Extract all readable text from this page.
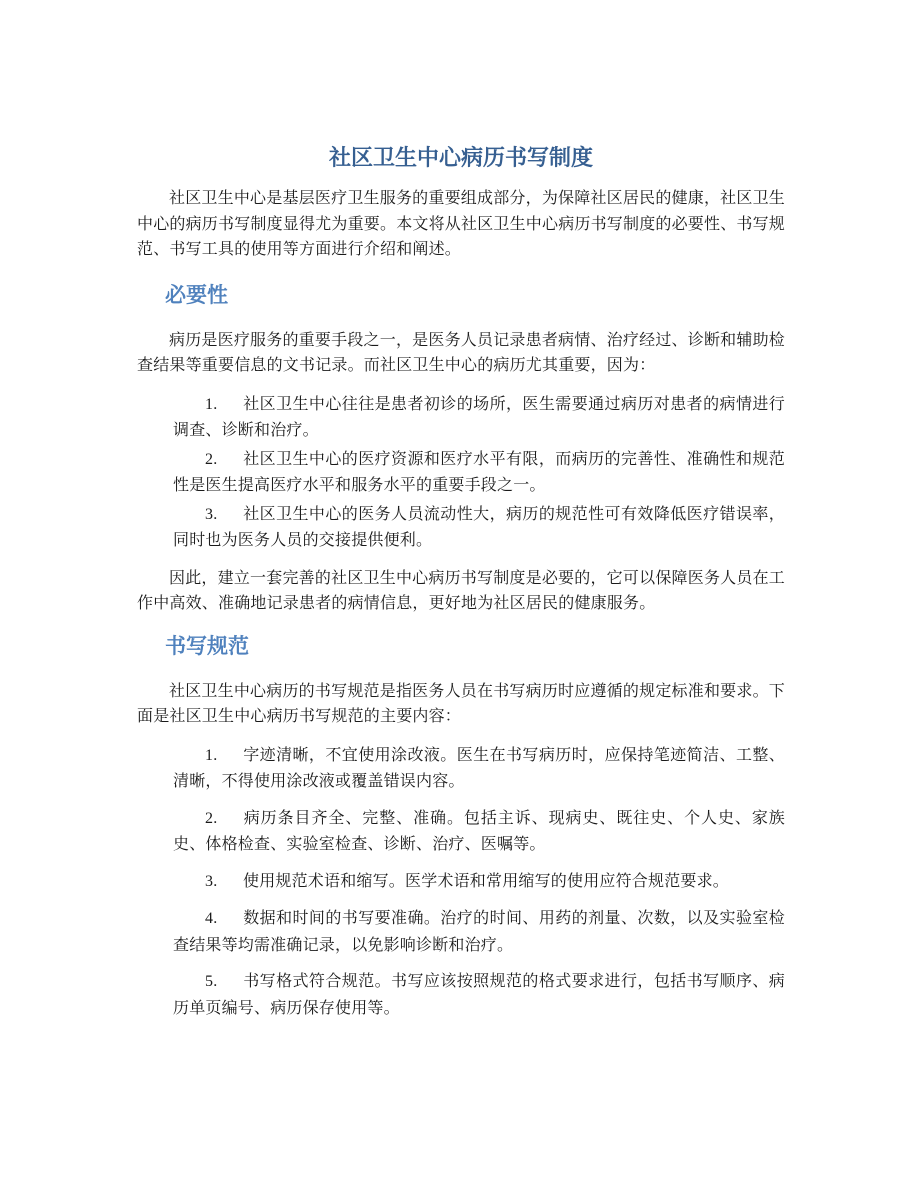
社区卫生中心病历书写制度

社区卫生中心是基层医疗卫生服务的重要组成部分，为保障社区居民的健康，社区卫生中心的病历书写制度显得尤为重要。本文将从社区卫生中心病历书写制度的必要性、书写规范、书写工具的使用等方面进行介绍和阐述。

必要性

病历是医疗服务的重要手段之一，是医务人员记录患者病情、治疗经过、诊断和辅助检查结果等重要信息的文书记录。而社区卫生中心的病历尤其重要，因为：

1. 社区卫生中心往往是患者初诊的场所，医生需要通过病历对患者的病情进行调查、诊断和治疗。
2. 社区卫生中心的医疗资源和医疗水平有限，而病历的完善性、准确性和规范性是医生提高医疗水平和服务水平的重要手段之一。
3. 社区卫生中心的医务人员流动性大，病历的规范性可有效降低医疗错误率，同时也为医务人员的交接提供便利。

因此，建立一套完善的社区卫生中心病历书写制度是必要的，它可以保障医务人员在工作中高效、准确地记录患者的病情信息，更好地为社区居民的健康服务。

书写规范

社区卫生中心病历的书写规范是指医务人员在书写病历时应遵循的规定标准和要求。下面是社区卫生中心病历书写规范的主要内容：

1. 字迹清晰，不宜使用涂改液。医生在书写病历时，应保持笔迹简洁、工整、清晰，不得使用涂改液或覆盖错误内容。
2. 病历条目齐全、完整、准确。包括主诉、现病史、既往史、个人史、家族史、体格检查、实验室检查、诊断、治疗、医嘱等。
3. 使用规范术语和缩写。医学术语和常用缩写的使用应符合规范要求。
4. 数据和时间的书写要准确。治疗的时间、用药的剂量、次数，以及实验室检查结果等均需准确记录，以免影响诊断和治疗。
5. 书写格式符合规范。书写应该按照规范的格式要求进行，包括书写顺序、病历单页编号、病历保存使用等。
